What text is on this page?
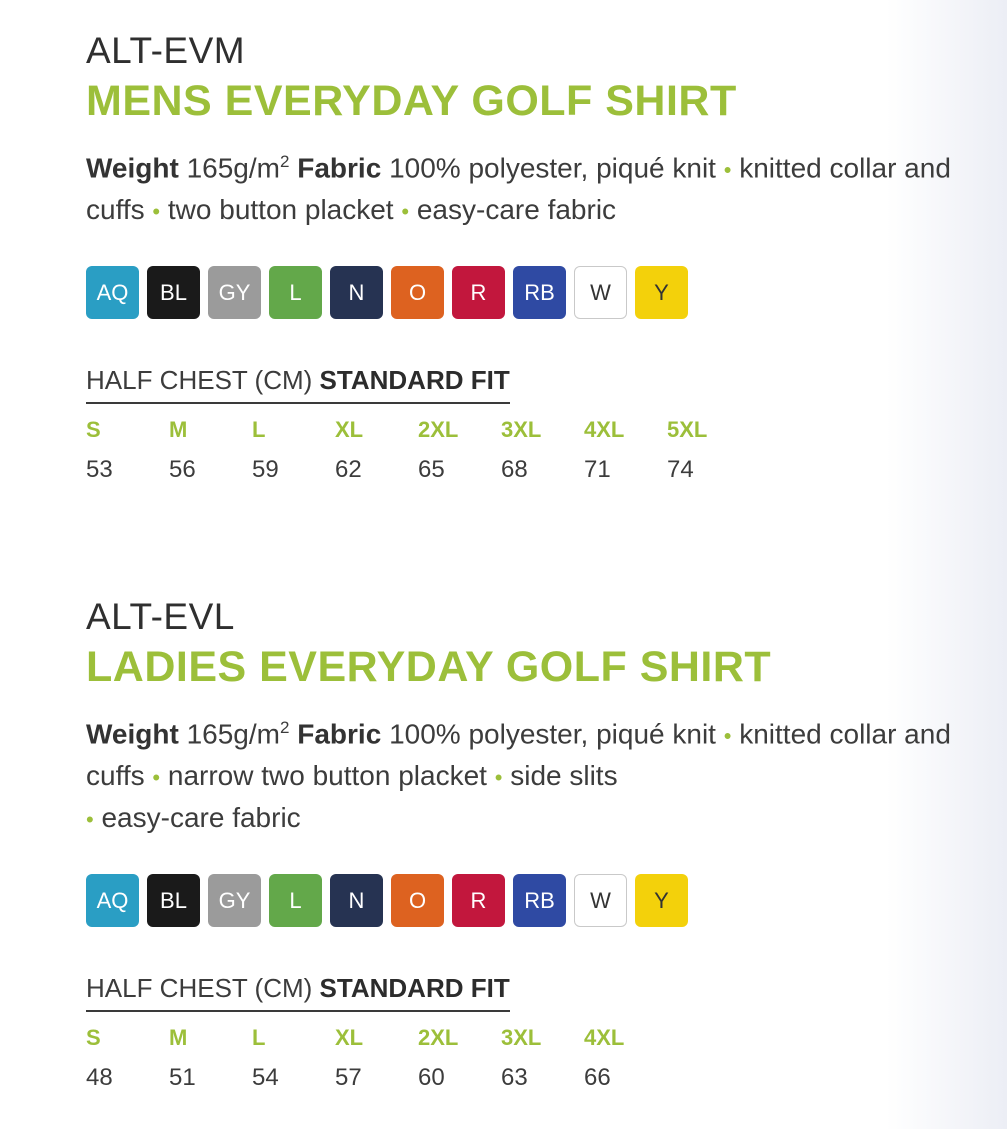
ALT-EVM
MENS EVERYDAY GOLF SHIRT

Weight $165g/m^2$ Fabric 100% polyester, piqué knit • knitted collar and cuffs • two button placket • easy-care fabric

AQ	BL	GY	L	N	O	R	RB	W	Y
HALF CHEST (CM) STANDARD FIT
S	M	L	XL	2XL	3XL	4XL	5XL
53	56	59	62	65	68	71	74
ALT-EVL
LADIES EVERYDAY GOLF SHIRT

Weight $165g/m^2$ Fabric 100% polyester, piqué knit • knitted collar and cuffs • narrow two button placket • side slits
• easy-care fabric

AQ	BL	GY	L	N	O	R	RB	W	Y
HALF CHEST (CM) STANDARD FIT
S	M	L	XL	2XL	3XL	4XL
48	51	54	57	60	63	66
